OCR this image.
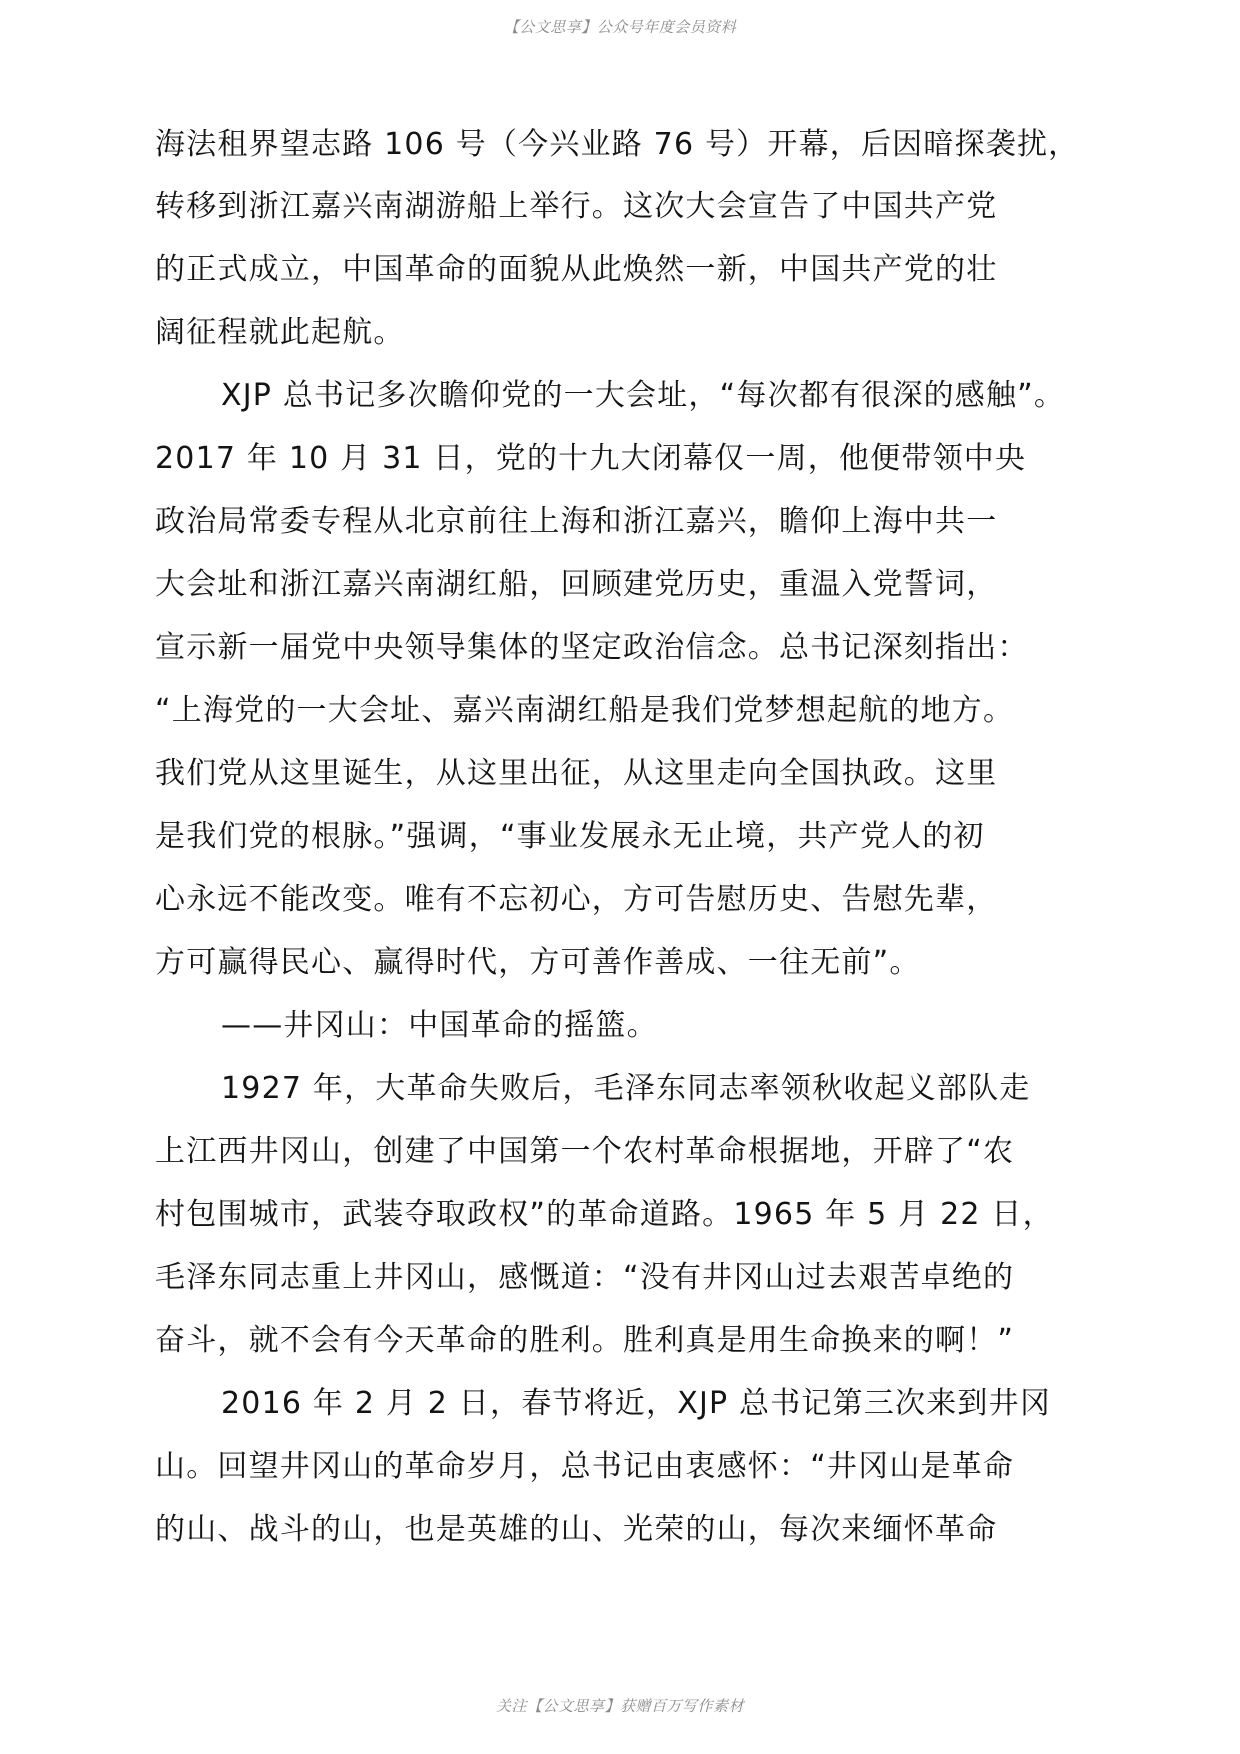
【公文思享】公众号年度会员资料
海法租界望志路 106 号（今兴业路 76 号）开幕，后因暗探袭扰，
转移到浙江嘉兴南湖游船上举行。这次大会宣告了中国共产党
的正式成立，中国革命的面貌从此焕然一新，中国共产党的壮
阔征程就此起航。
XJP 总书记多次瞻仰党的一大会址，“每次都有很深的感触”。
2017 年 10 月 31 日，党的十九大闭幕仅一周，他便带领中央
政治局常委专程从北京前往上海和浙江嘉兴，瞻仰上海中共一
大会址和浙江嘉兴南湖红船，回顾建党历史，重温入党誓词，
宣示新一届党中央领导集体的坚定政治信念。总书记深刻指出：
“上海党的一大会址、嘉兴南湖红船是我们党梦想起航的地方。
我们党从这里诞生，从这里出征，从这里走向全国执政。这里
是我们党的根脉。”强调，“事业发展永无止境，共产党人的初
心永远不能改变。唯有不忘初心，方可告慰历史、告慰先辈，
方可赢得民心、赢得时代，方可善作善成、一往无前”。
——井冈山：中国革命的摇篮。
1927 年，大革命失败后，毛泽东同志率领秋收起义部队走
上江西井冈山，创建了中国第一个农村革命根据地，开辟了“农
村包围城市，武装夺取政权”的革命道路。1965 年 5 月 22 日，
毛泽东同志重上井冈山，感慨道：“没有井冈山过去艰苦卓绝的
奋斗，就不会有今天革命的胜利。胜利真是用生命换来的啊！”
2016 年 2 月 2 日，春节将近，XJP 总书记第三次来到井冈
山。回望井冈山的革命岁月，总书记由衷感怀：“井冈山是革命
的山、战斗的山，也是英雄的山、光荣的山，每次来缅怀革命
关注【公文思享】获赠百万写作素材
